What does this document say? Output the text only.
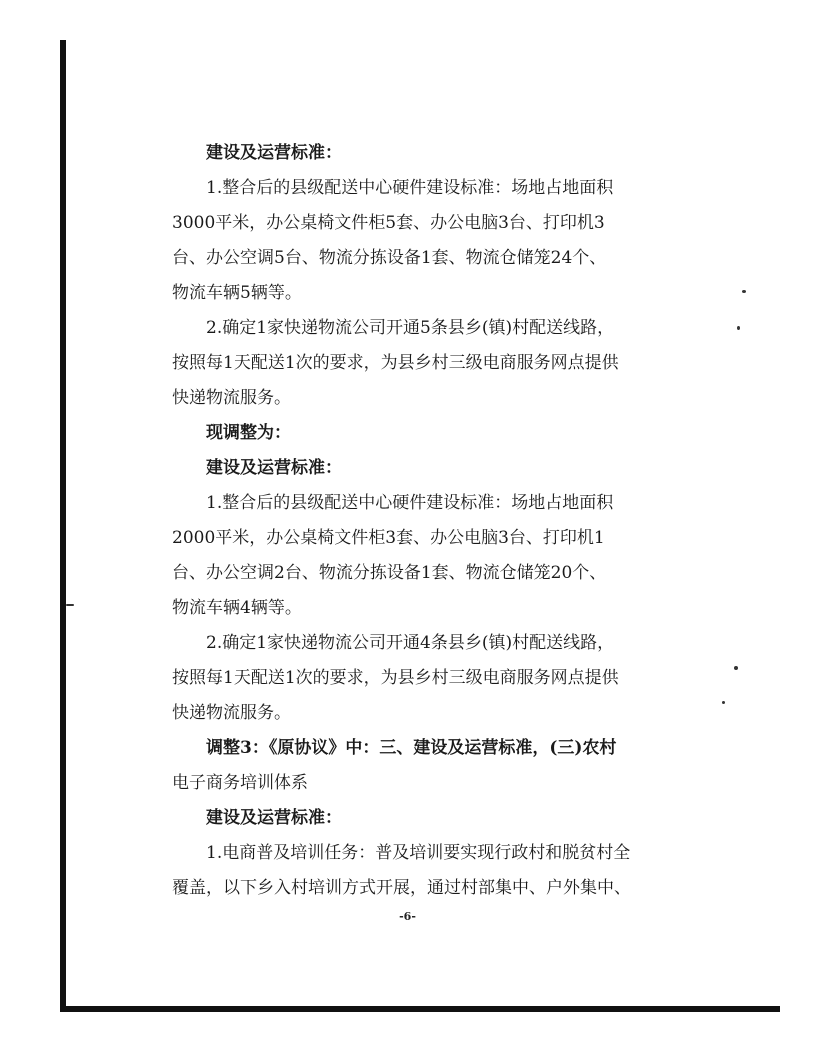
建设及运营标准：
1.整合后的县级配送中心硬件建设标准：场地占地面积
3000平米，办公桌椅文件柜5套、办公电脑3台、打印机3
台、办公空调5台、物流分拣设备1套、物流仓储笼24个、
物流车辆5辆等。
2.确定1家快递物流公司开通5条县乡(镇)村配送线路，
按照每1天配送1次的要求，为县乡村三级电商服务网点提供
快递物流服务。
现调整为：
建设及运营标准：
1.整合后的县级配送中心硬件建设标准：场地占地面积
2000平米，办公桌椅文件柜3套、办公电脑3台、打印机1
台、办公空调2台、物流分拣设备1套、物流仓储笼20个、
物流车辆4辆等。
2.确定1家快递物流公司开通4条县乡(镇)村配送线路，
按照每1天配送1次的要求，为县乡村三级电商服务网点提供
快递物流服务。
调整3：《原协议》中：三、建设及运营标准，(三)农村
电子商务培训体系
建设及运营标准：
1.电商普及培训任务：普及培训要实现行政村和脱贫村全
覆盖，以下乡入村培训方式开展，通过村部集中、户外集中、
-6-
